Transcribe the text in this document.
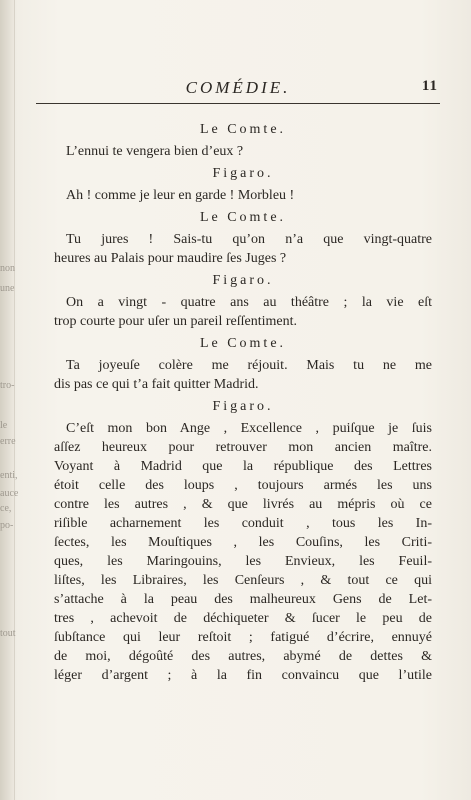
non
une
tro-
le
erre
enti,
auce
ce,
po-
tout
COMÉDIE.	11
Le Comte.
L’ennui te vengera bien d’eux ?
Figaro.
Ah ! comme je leur en garde ! Morbleu !
Le Comte.
Tu jures ! Sais-tu qu’on n’a que vingt-quatre
heures au Palais pour maudire ſes Juges ?
Figaro.
On a vingt - quatre ans au théâtre ; la vie eſt
trop courte pour uſer un pareil reſſentiment.
Le Comte.
Ta joyeuſe colère me réjouit. Mais tu ne me
dis pas ce qui t’a fait quitter Madrid.
Figaro.
C’eſt mon bon Ange , Excellence , puiſque je ſuis
aſſez heureux pour retrouver mon ancien maître.
Voyant à Madrid que la république des Lettres
étoit celle des loups , toujours armés les uns
contre les autres , & que livrés au mépris où ce
riſible acharnement les conduit , tous les In-
ſectes, les Mouſtiques , les Couſins, les Criti-
ques, les Maringouins, les Envieux, les Feuil-
liſtes, les Libraires, les Cenſeurs , & tout ce qui
s’attache à la peau des malheureux Gens de Let-
tres , achevoit de déchiqueter & ſucer le peu de
ſubſtance qui leur reſtoit ; fatigué d’écrire, ennuyé
de moi, dégoûté des autres, abymé de dettes &
léger d’argent ; à la fin convaincu que l’utile
